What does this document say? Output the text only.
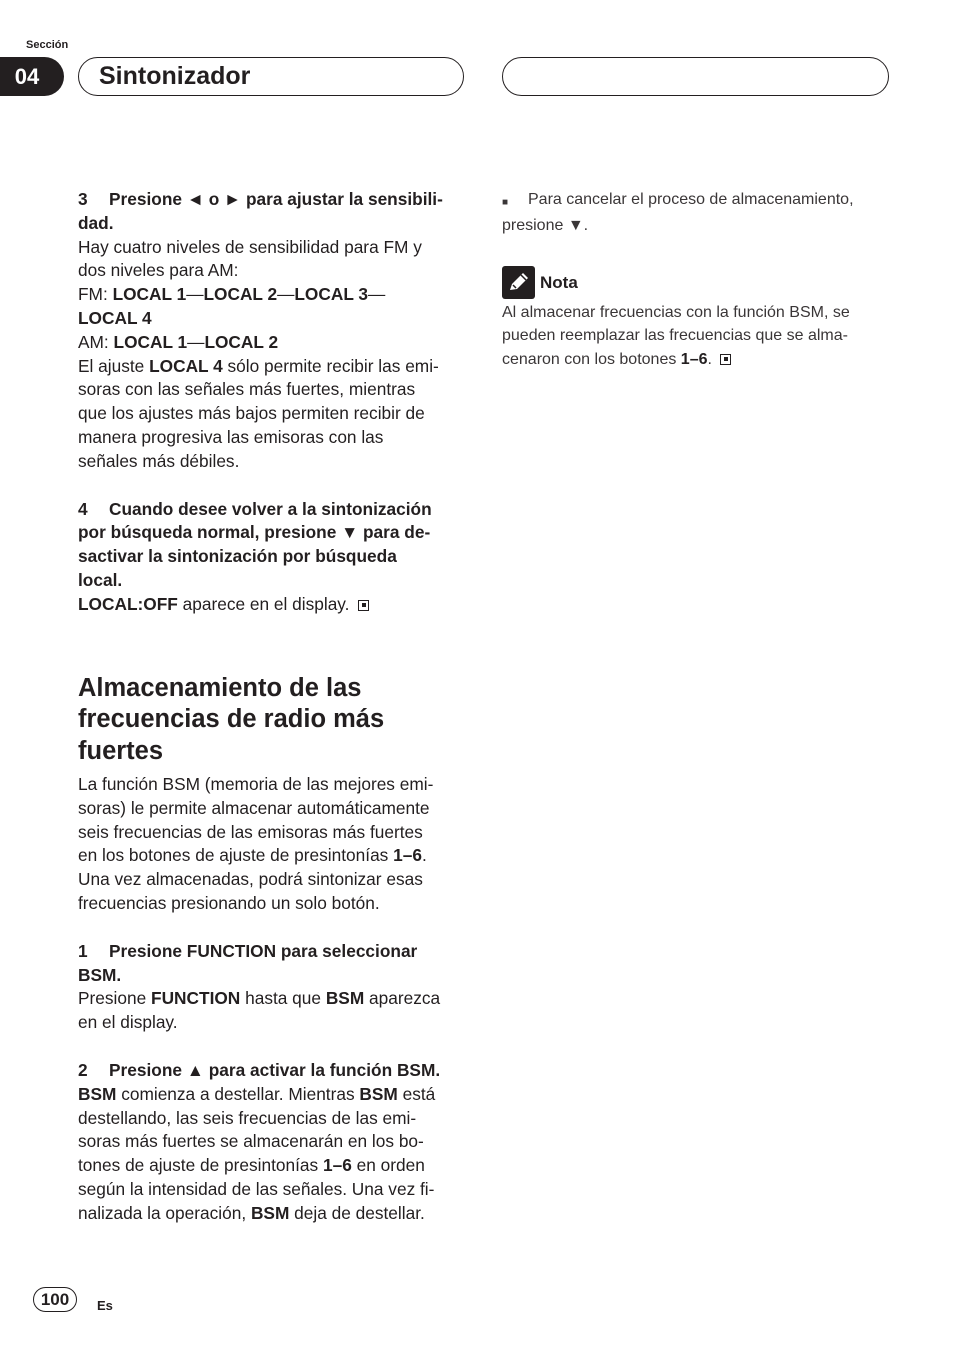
Sección
04	Sintonizador

3 Presione ◄ o ► para ajustar la sensibili-

dad.

Hay cuatro niveles de sensibilidad para FM y

dos niveles para AM:

FM: LOCAL 1—LOCAL 2—LOCAL 3—

LOCAL 4

AM: LOCAL 1—LOCAL 2

El ajuste LOCAL 4 sólo permite recibir las emi-

soras con las señales más fuertes, mientras

que los ajustes más bajos permiten recibir de

manera progresiva las emisoras con las

señales más débiles.

4 Cuando desee volver a la sintonización

por búsqueda normal, presione ▼ para de-

sactivar la sintonización por búsqueda

local.

LOCAL:OFF aparece en el display.

Almacenamiento de las
frecuencias de radio más
fuertes

La función BSM (memoria de las mejores emi-

soras) le permite almacenar automáticamente

seis frecuencias de las emisoras más fuertes

en los botones de ajuste de presintonías 1–6.

Una vez almacenadas, podrá sintonizar esas

frecuencias presionando un solo botón.

1 Presione FUNCTION para seleccionar

BSM.

Presione FUNCTION hasta que BSM aparezca

en el display.

2 Presione ▲ para activar la función BSM.

BSM comienza a destellar. Mientras BSM está

destellando, las seis frecuencias de las emi-

soras más fuertes se almacenarán en los bo-

tones de ajuste de presintonías 1–6 en orden

según la intensidad de las señales. Una vez fi-

nalizada la operación, BSM deja de destellar.

■	Para cancelar el proceso de almacenamiento,

presione ▼.

Nota

Al almacenar frecuencias con la función BSM, se

pueden reemplazar las frecuencias que se alma-

cenaron con los botones 1–6.

100	Es
